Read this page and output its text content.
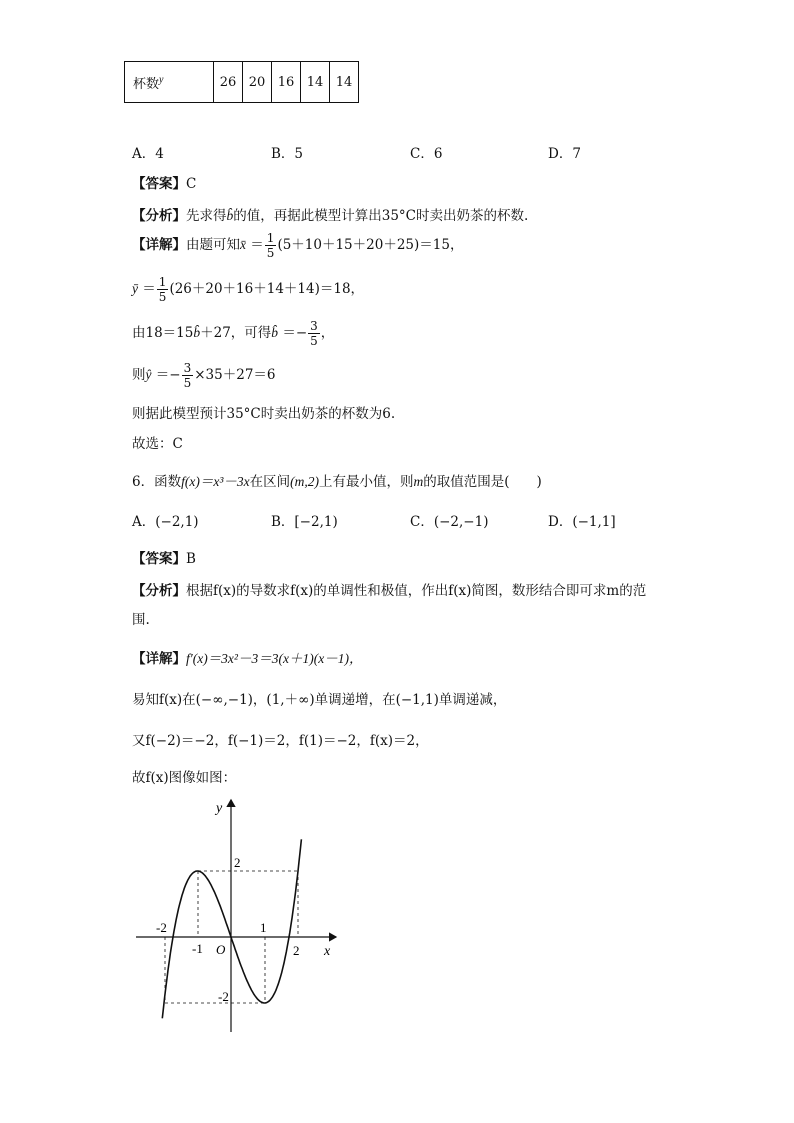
杯数$^y$	26	20	16	14	14
A．4	B．5	C．6	D．7
【答案】C
【分析】先求得b̂的值，再据此模型计算出35°C时卖出奶茶的杯数.
【详解】由题可知x̄ ＝ $\frac{1}{5} (5+10+15+20+25)=15$，
ȳ ＝ $\frac{1}{5} (26+20+16+14+14)=18$，
由18＝15b̂＋27，可得b̂ ＝− $\frac{3}{5}$ ，
则ŷ ＝− $\frac{3}{5} \times 35+27=6$
则据此模型预计35°C时卖出奶茶的杯数为6.
故选：C
6．函数f(x)＝x³－3x在区间(m,2)上有最小值，则m的取值范围是(　　)
A．(−2,1)	B．[−2,1)	C．(−2,−1)	D．(−1,1]
【答案】B
【分析】根据f(x)的导数求f(x)的单调性和极值，作出f(x)简图，数形结合即可求m的范
围.
【详解】f′(x)＝3x²－3＝3(x＋1)(x－1)，
易知f(x)在(−∞,−1)，(1,＋∞)单调递增，在(−1,1)单调递减，
又f(−2)＝−2，f(−1)＝2，f(1)＝−2，f(x)＝2，
故f(x)图像如图：
y
x
O
2
-2
-1
1
2
-2
